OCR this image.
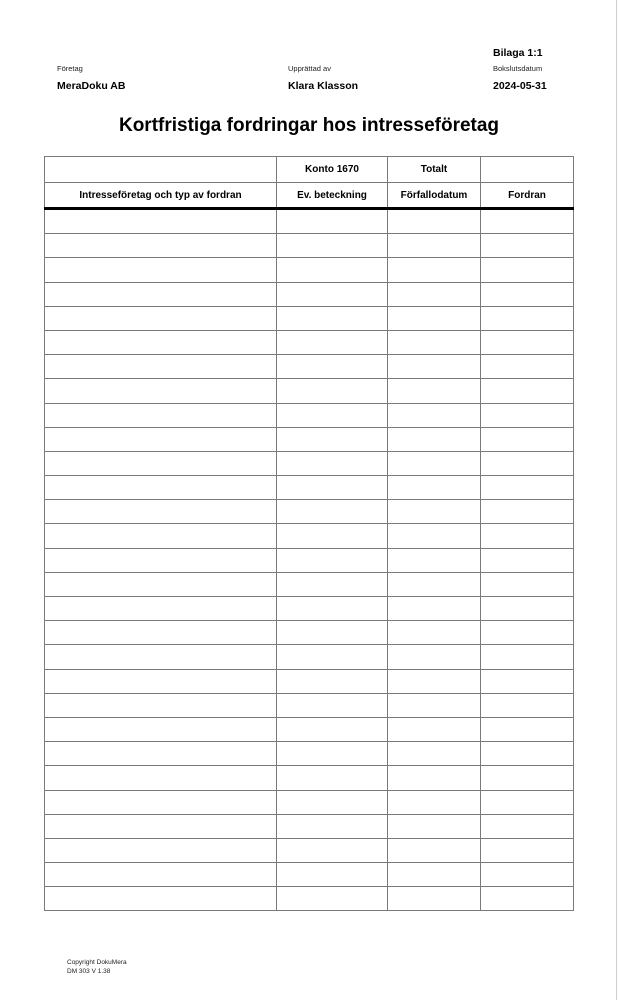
Bilaga 1:1
Företag	Upprättad av	Bokslutsdatum
MeraDoku AB	Klara Klasson	2024-05-31
Kortfristiga fordringar hos intresseföretag
	Konto 1670	Totalt	
Intresseföretag och typ av fordran	Ev. beteckning	Förfallodatum	Fordran

Copyright DokuMera
DM 303 V 1.38
